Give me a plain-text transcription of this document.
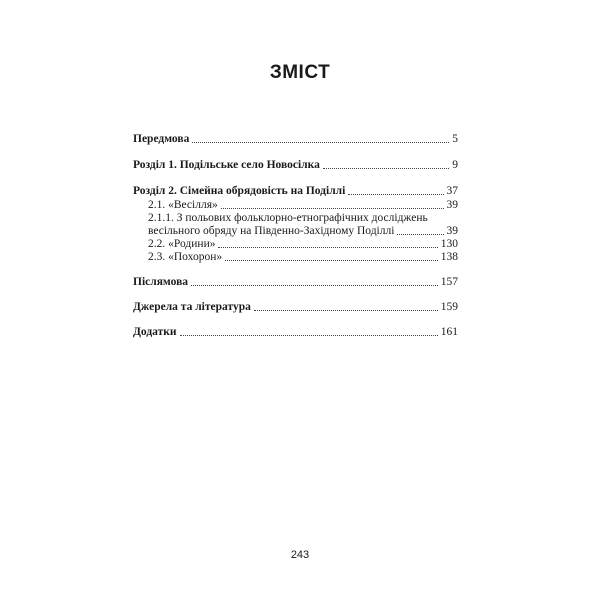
ЗМІСТ
Передмова	5
Розділ 1. Подільське село Новосілка	9
Розділ 2. Сімейна обрядовість на Поділлі	37
2.1. «Весілля»	39
2.1.1. З польових фольклорно-етнографічних досліджень
весільного обряду на Південно-Західному Поділлі	39
2.2. «Родини»	130
2.3. «Похорон»	138
Післямова	157
Джерела та література	159
Додатки	161
243
